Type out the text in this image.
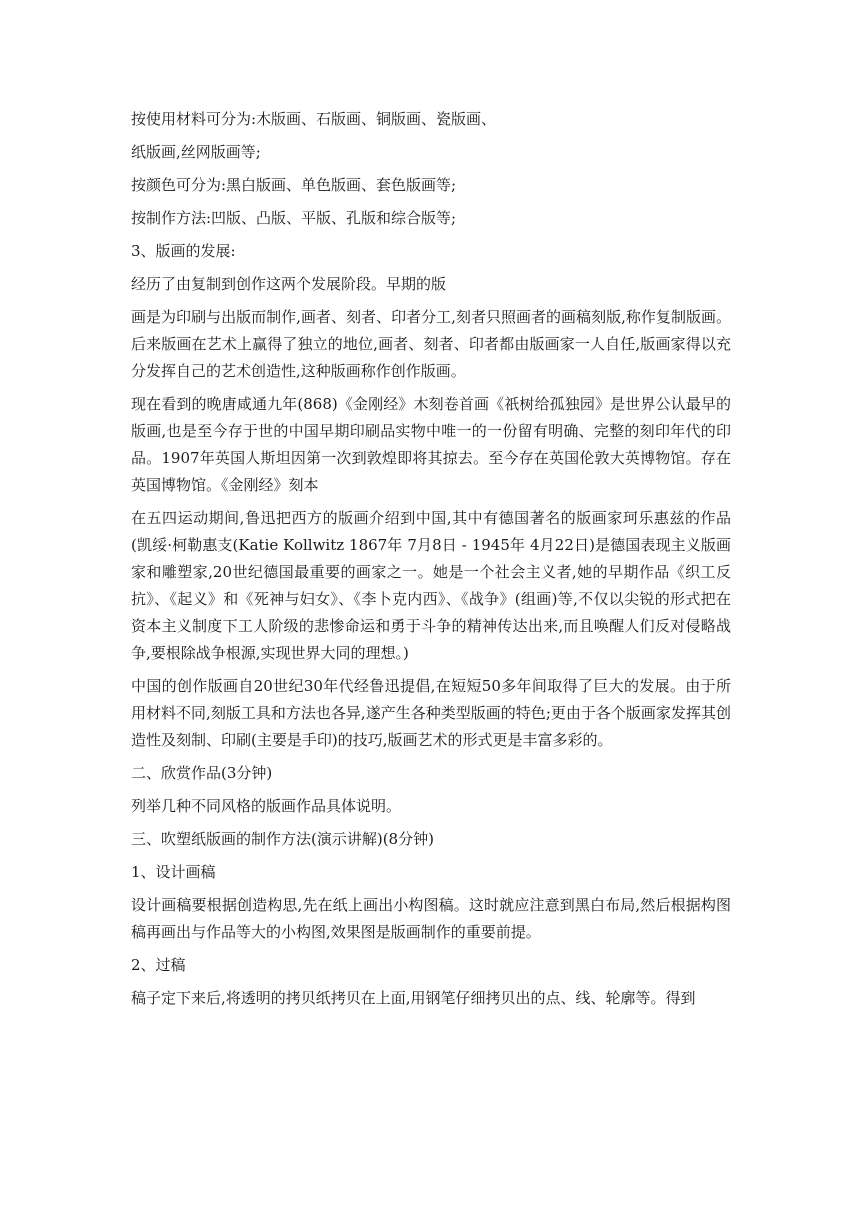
按使用材料可分为:木版画、石版画、铜版画、瓷版画、

纸版画,丝网版画等;

按颜色可分为:黑白版画、单色版画、套色版画等;

按制作方法:凹版、凸版、平版、孔版和综合版等;

3、版画的发展:

经历了由复制到创作这两个发展阶段。早期的版

画是为印刷与出版而制作,画者、刻者、印者分工,刻者只照画者的画稿刻版,称作复制版画。后来版画在艺术上赢得了独立的地位,画者、刻者、印者都由版画家一人自任,版画家得以充分发挥自己的艺术创造性,这种版画称作创作版画。

现在看到的晚唐咸通九年(868)《金刚经》木刻卷首画《祇树给孤独园》是世界公认最早的版画,也是至今存于世的中国早期印刷品实物中唯一的一份留有明确、完整的刻印年代的印品。1907年英国人斯坦因第一次到敦煌即将其掠去。至今存在英国伦敦大英博物馆。存在英国博物馆。《金刚经》刻本

在五四运动期间,鲁迅把西方的版画介绍到中国,其中有德国著名的版画家珂乐惠兹的作品(凯绥·柯勒惠支(Katie Kollwitz 1867年 7月8日 - 1945年 4月22日)是德国表现主义版画家和雕塑家,20世纪德国最重要的画家之一。她是一个社会主义者,她的早期作品《织工反抗》、《起义》和《死神与妇女》、《李卜克内西》、《战争》(组画)等,不仅以尖锐的形式把在资本主义制度下工人阶级的悲惨命运和勇于斗争的精神传达出来,而且唤醒人们反对侵略战争,要根除战争根源,实现世界大同的理想。)

中国的创作版画自20世纪30年代经鲁迅提倡,在短短50多年间取得了巨大的发展。由于所用材料不同,刻版工具和方法也各异,遂产生各种类型版画的特色;更由于各个版画家发挥其创造性及刻制、印刷(主要是手印)的技巧,版画艺术的形式更是丰富多彩的。

二、欣赏作品(3分钟)

列举几种不同风格的版画作品具体说明。

三、吹塑纸版画的制作方法(演示讲解)(8分钟)

1、设计画稿

设计画稿要根据创造构思,先在纸上画出小构图稿。这时就应注意到黑白布局,然后根据构图稿再画出与作品等大的小构图,效果图是版画制作的重要前提。

2、过稿

稿子定下来后,将透明的拷贝纸拷贝在上面,用钢笔仔细拷贝出的点、线、轮廓等。得到
